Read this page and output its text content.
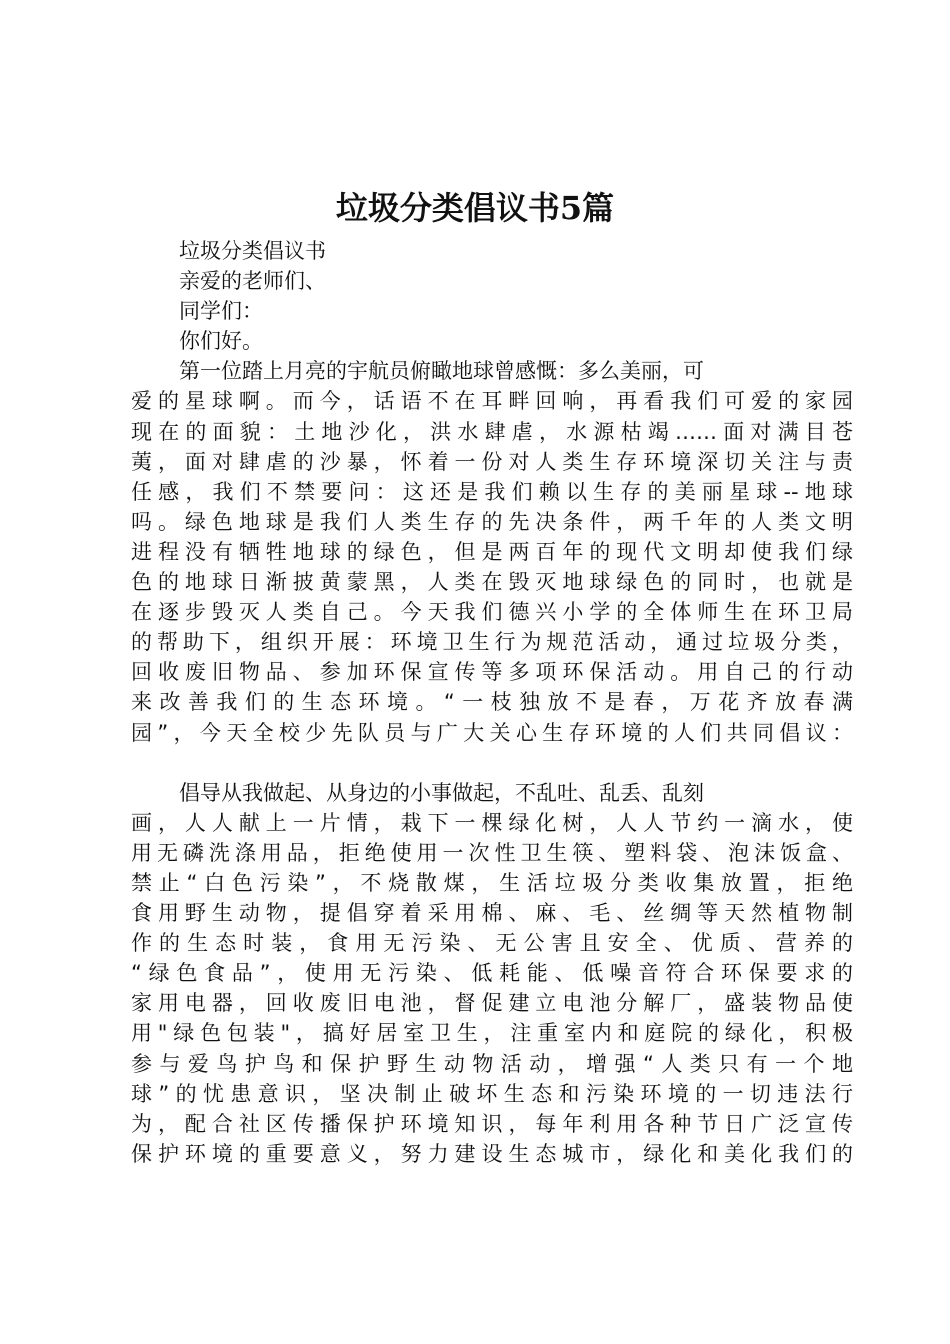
垃圾分类倡议书5篇
垃圾分类倡议书
亲爱的老师们、
同学们：
你们好。
第一位踏上月亮的宇航员俯瞰地球曾感慨：多么美丽，可
爱的星球啊。而今，话语不在耳畔回响，再看我们可爱的家园
现在的面貌：土地沙化，洪水肆虐，水源枯竭……面对满目苍
荑，面对肆虐的沙暴，怀着一份对人类生存环境深切关注与责
任感，我们不禁要问：这还是我们赖以生存的美丽星球--地球
吗。绿色地球是我们人类生存的先决条件，两千年的人类文明
进程没有牺牲地球的绿色，但是两百年的现代文明却使我们绿
色的地球日渐披黄蒙黑，人类在毁灭地球绿色的同时，也就是
在逐步毁灭人类自己。今天我们德兴小学的全体师生在环卫局
的帮助下，组织开展：环境卫生行为规范活动，通过垃圾分类，
回收废旧物品、参加环保宣传等多项环保活动。用自己的行动
来改善我们的生态环境。“一枝独放不是春，万花齐放春满
园”，今天全校少先队员与广大关心生存环境的人们共同倡议：
倡导从我做起、从身边的小事做起，不乱吐、乱丢、乱刻
画，人人献上一片情，栽下一棵绿化树，人人节约一滴水，使
用无磷洗涤用品，拒绝使用一次性卫生筷、塑料袋、泡沫饭盒、
禁止“白色污染”，不烧散煤，生活垃圾分类收集放置，拒绝
食用野生动物，提倡穿着采用棉、麻、毛、丝绸等天然植物制
作的生态时装，食用无污染、无公害且安全、优质、营养的
“绿色食品”，使用无污染、低耗能、低噪音符合环保要求的
家用电器，回收废旧电池，督促建立电池分解厂，盛装物品使
用"绿色包装"，搞好居室卫生，注重室内和庭院的绿化，积极
参与爱鸟护鸟和保护野生动物活动，增强“人类只有一个地
球”的忧患意识，坚决制止破坏生态和污染环境的一切违法行
为，配合社区传播保护环境知识，每年利用各种节日广泛宣传
保护环境的重要意义，努力建设生态城市，绿化和美化我们的
